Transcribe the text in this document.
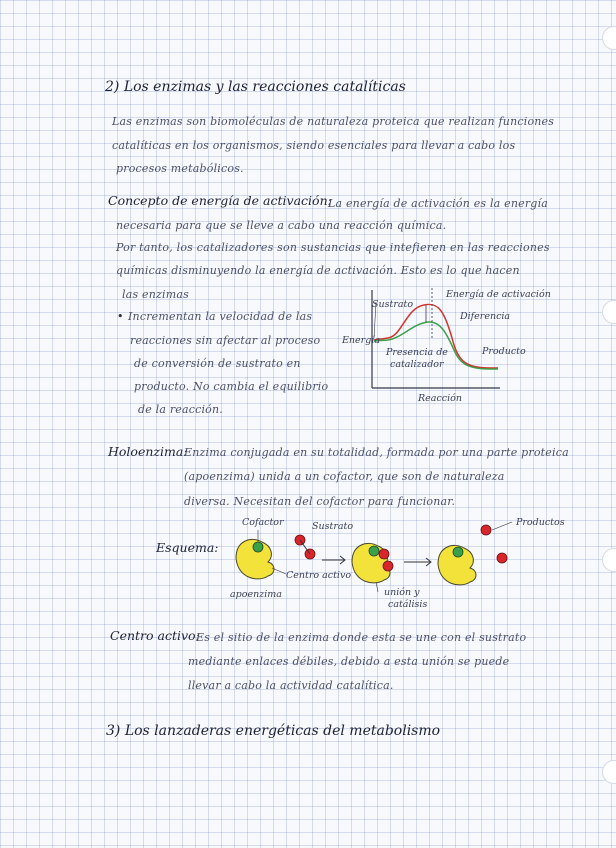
2) Los enzimas y las reacciones catalíticas
Las enzimas son biomoléculas de naturaleza proteica que realizan funciones
catalíticas en los organismos, siendo esenciales para llevar a cabo los
procesos metabólicos.
Concepto de energía de activación:
La energía de activación es la energía
necesaria para que se lleve a cabo una reacción química.
Por tanto, los catalizadores son sustancias que intefieren en las reacciones
químicas disminuyendo la energía de activación. Esto es lo que hacen
las enzimas
• Incrementan la velocidad de las
reacciones sin afectar al proceso
de conversión de sustrato en
producto. No cambia el equilibrio
de la reacción.
Energía
Sustrato
Energía de activación
Diferencia
Presencia de
catalizador
Producto
Reacción
Holoenzima:
Enzima conjugada en su totalidad, formada por una parte proteica
(apoenzima) unida a un cofactor, que son de naturaleza
diversa. Necesitan del cofactor para funcionar.
Esquema:
Cofactor	Sustrato
Centro activo
apoenzima	unión y
catálisis
Productos
Centro activo:
Es el sitio de la enzima donde esta se une con el sustrato
mediante enlaces débiles, debido a esta unión se puede
llevar a cabo la actividad catalítica.
3) Los lanzaderas energéticas del metabolismo
